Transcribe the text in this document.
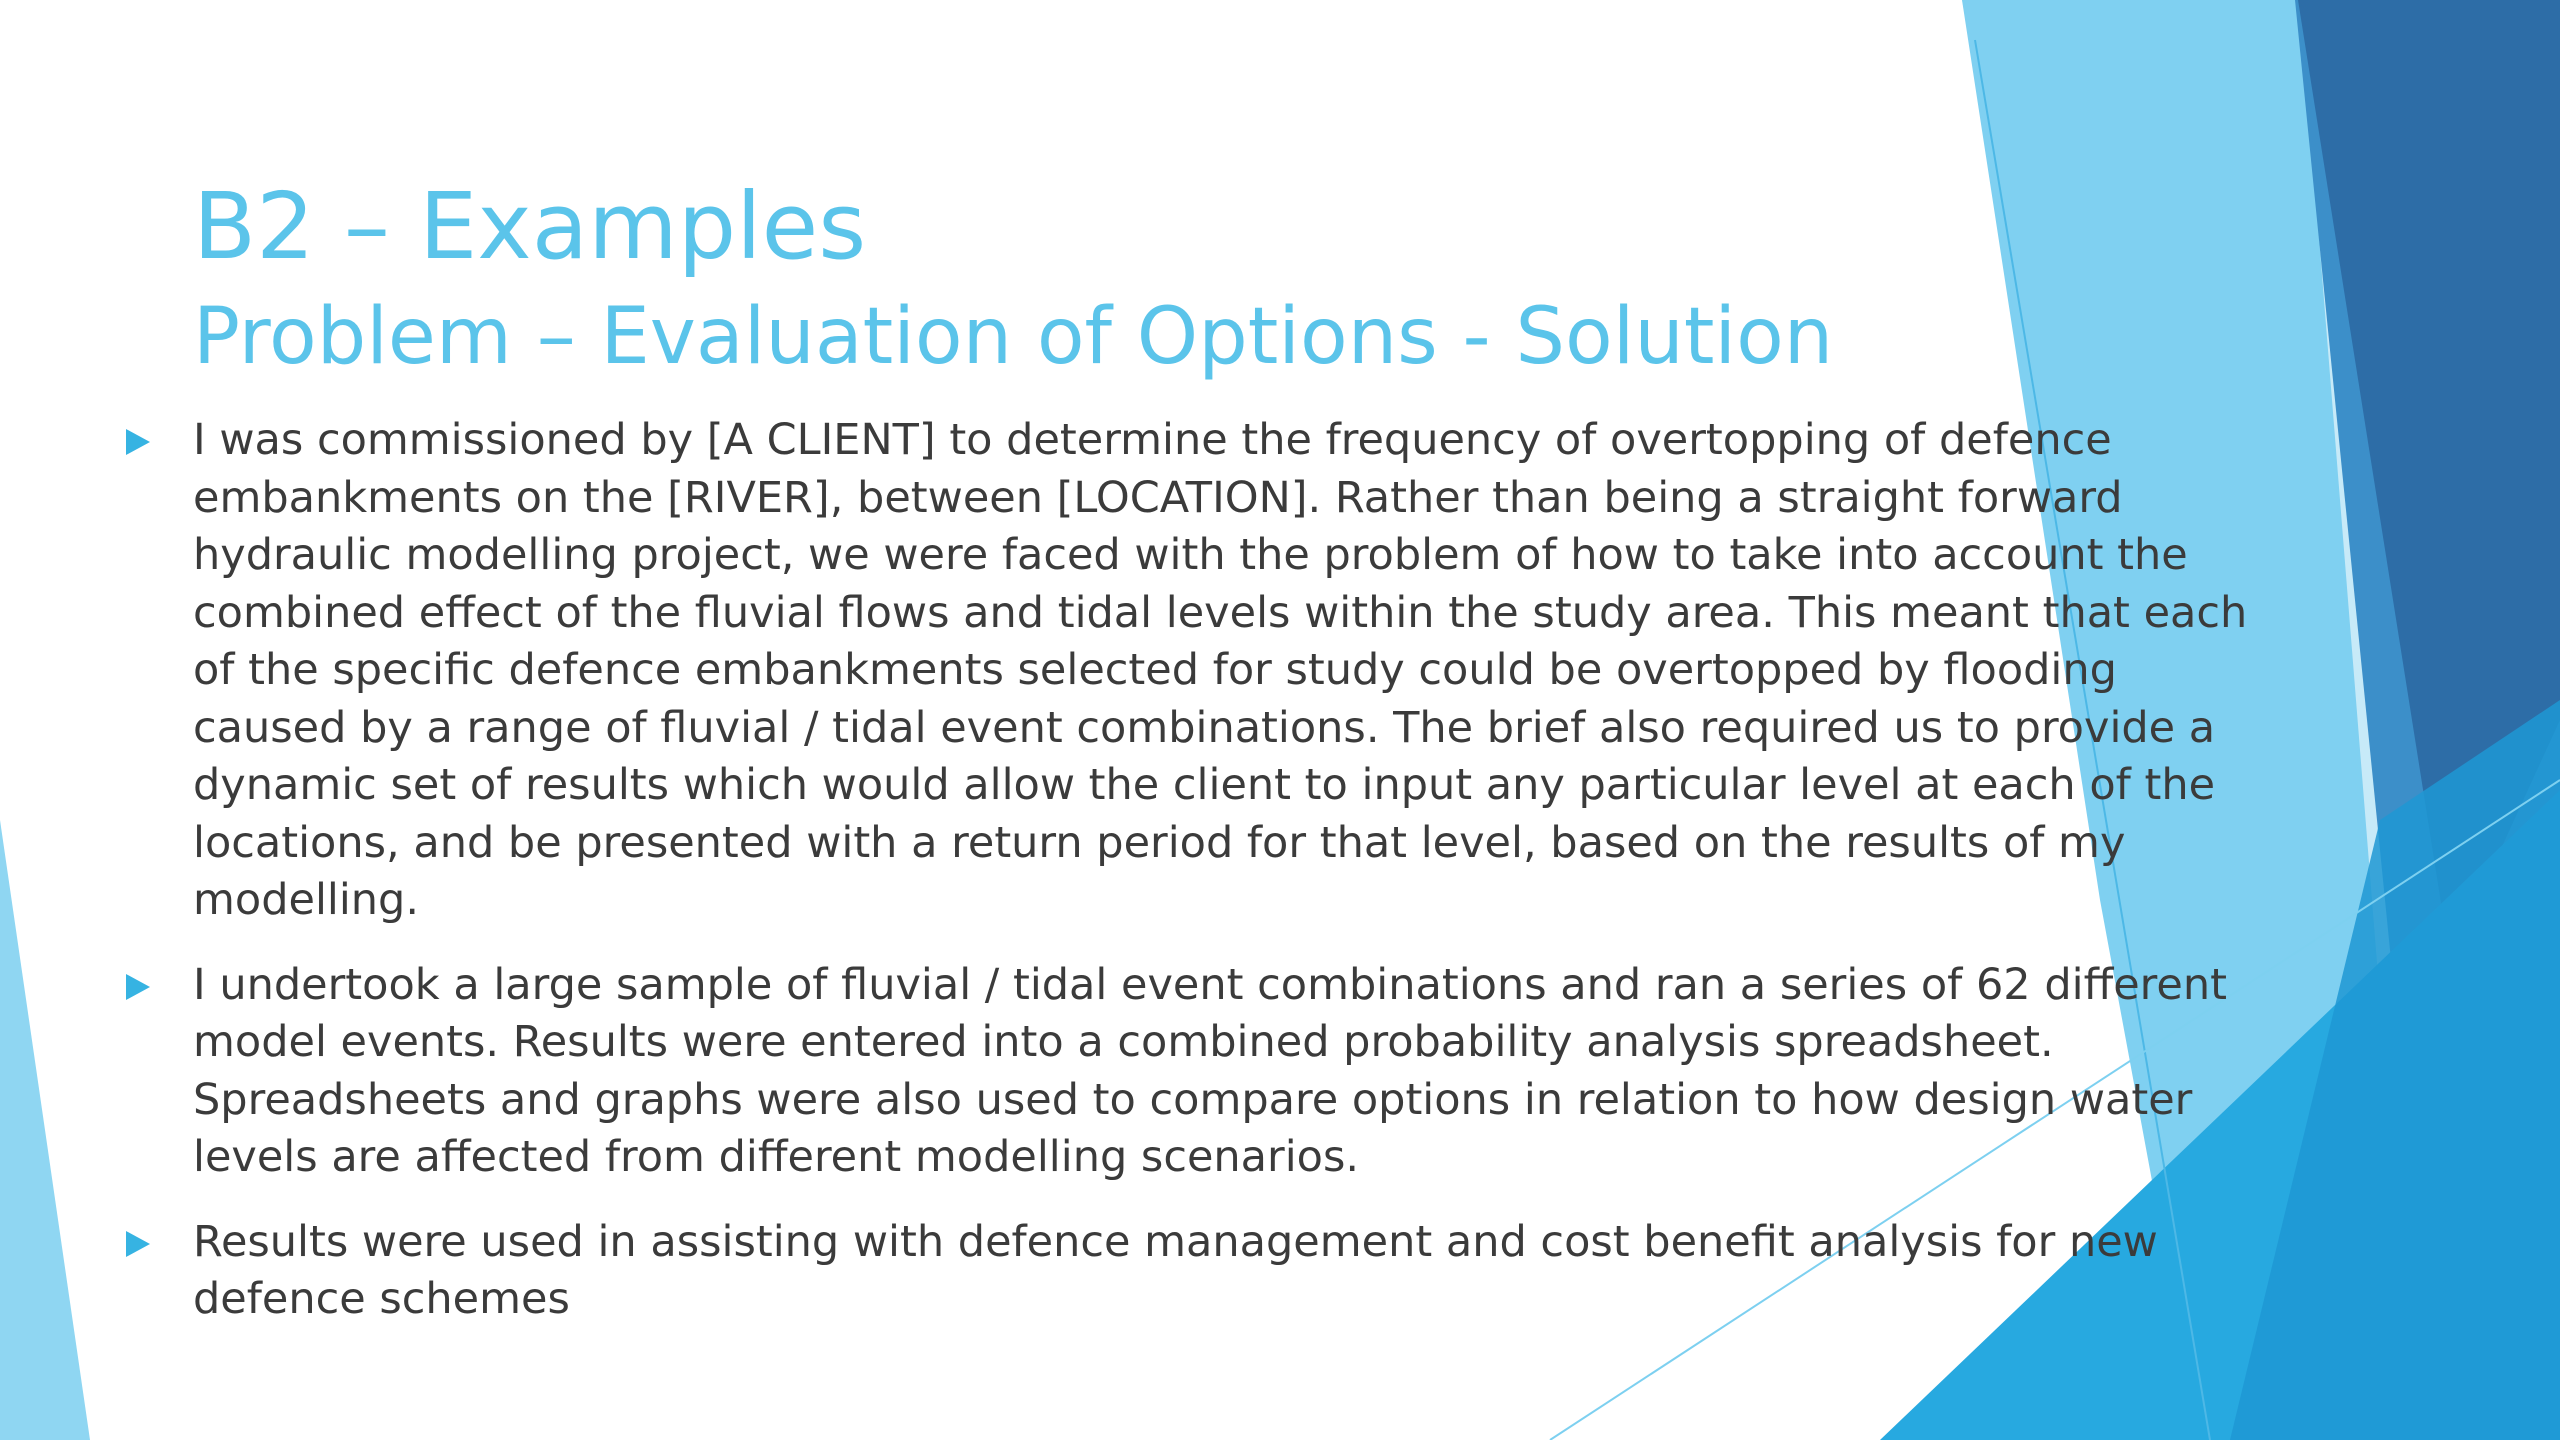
B2 – Examples
Problem – Evaluation of Options - Solution
I was commissioned by [A CLIENT] to determine the frequency of overtopping of defence embankments on the [RIVER], between [LOCATION]. Rather than being a straight forward hydraulic modelling project, we were faced with the problem of how to take into account the combined effect of the fluvial flows and tidal levels within the study area. This meant that each of the specific defence embankments selected for study could be overtopped by flooding caused by a range of fluvial / tidal event combinations. The brief also required us to provide a dynamic set of results which would allow the client to input any particular level at each of the locations, and be presented with a return period for that level, based on the results of my modelling.
I undertook a large sample of fluvial / tidal event combinations and ran a series of 62 different model events. Results were entered into a combined probability analysis spreadsheet. Spreadsheets and graphs were also used to compare options in relation to how design water levels are affected from different modelling scenarios.
Results were used in assisting with defence management and cost benefit analysis for new defence schemes
